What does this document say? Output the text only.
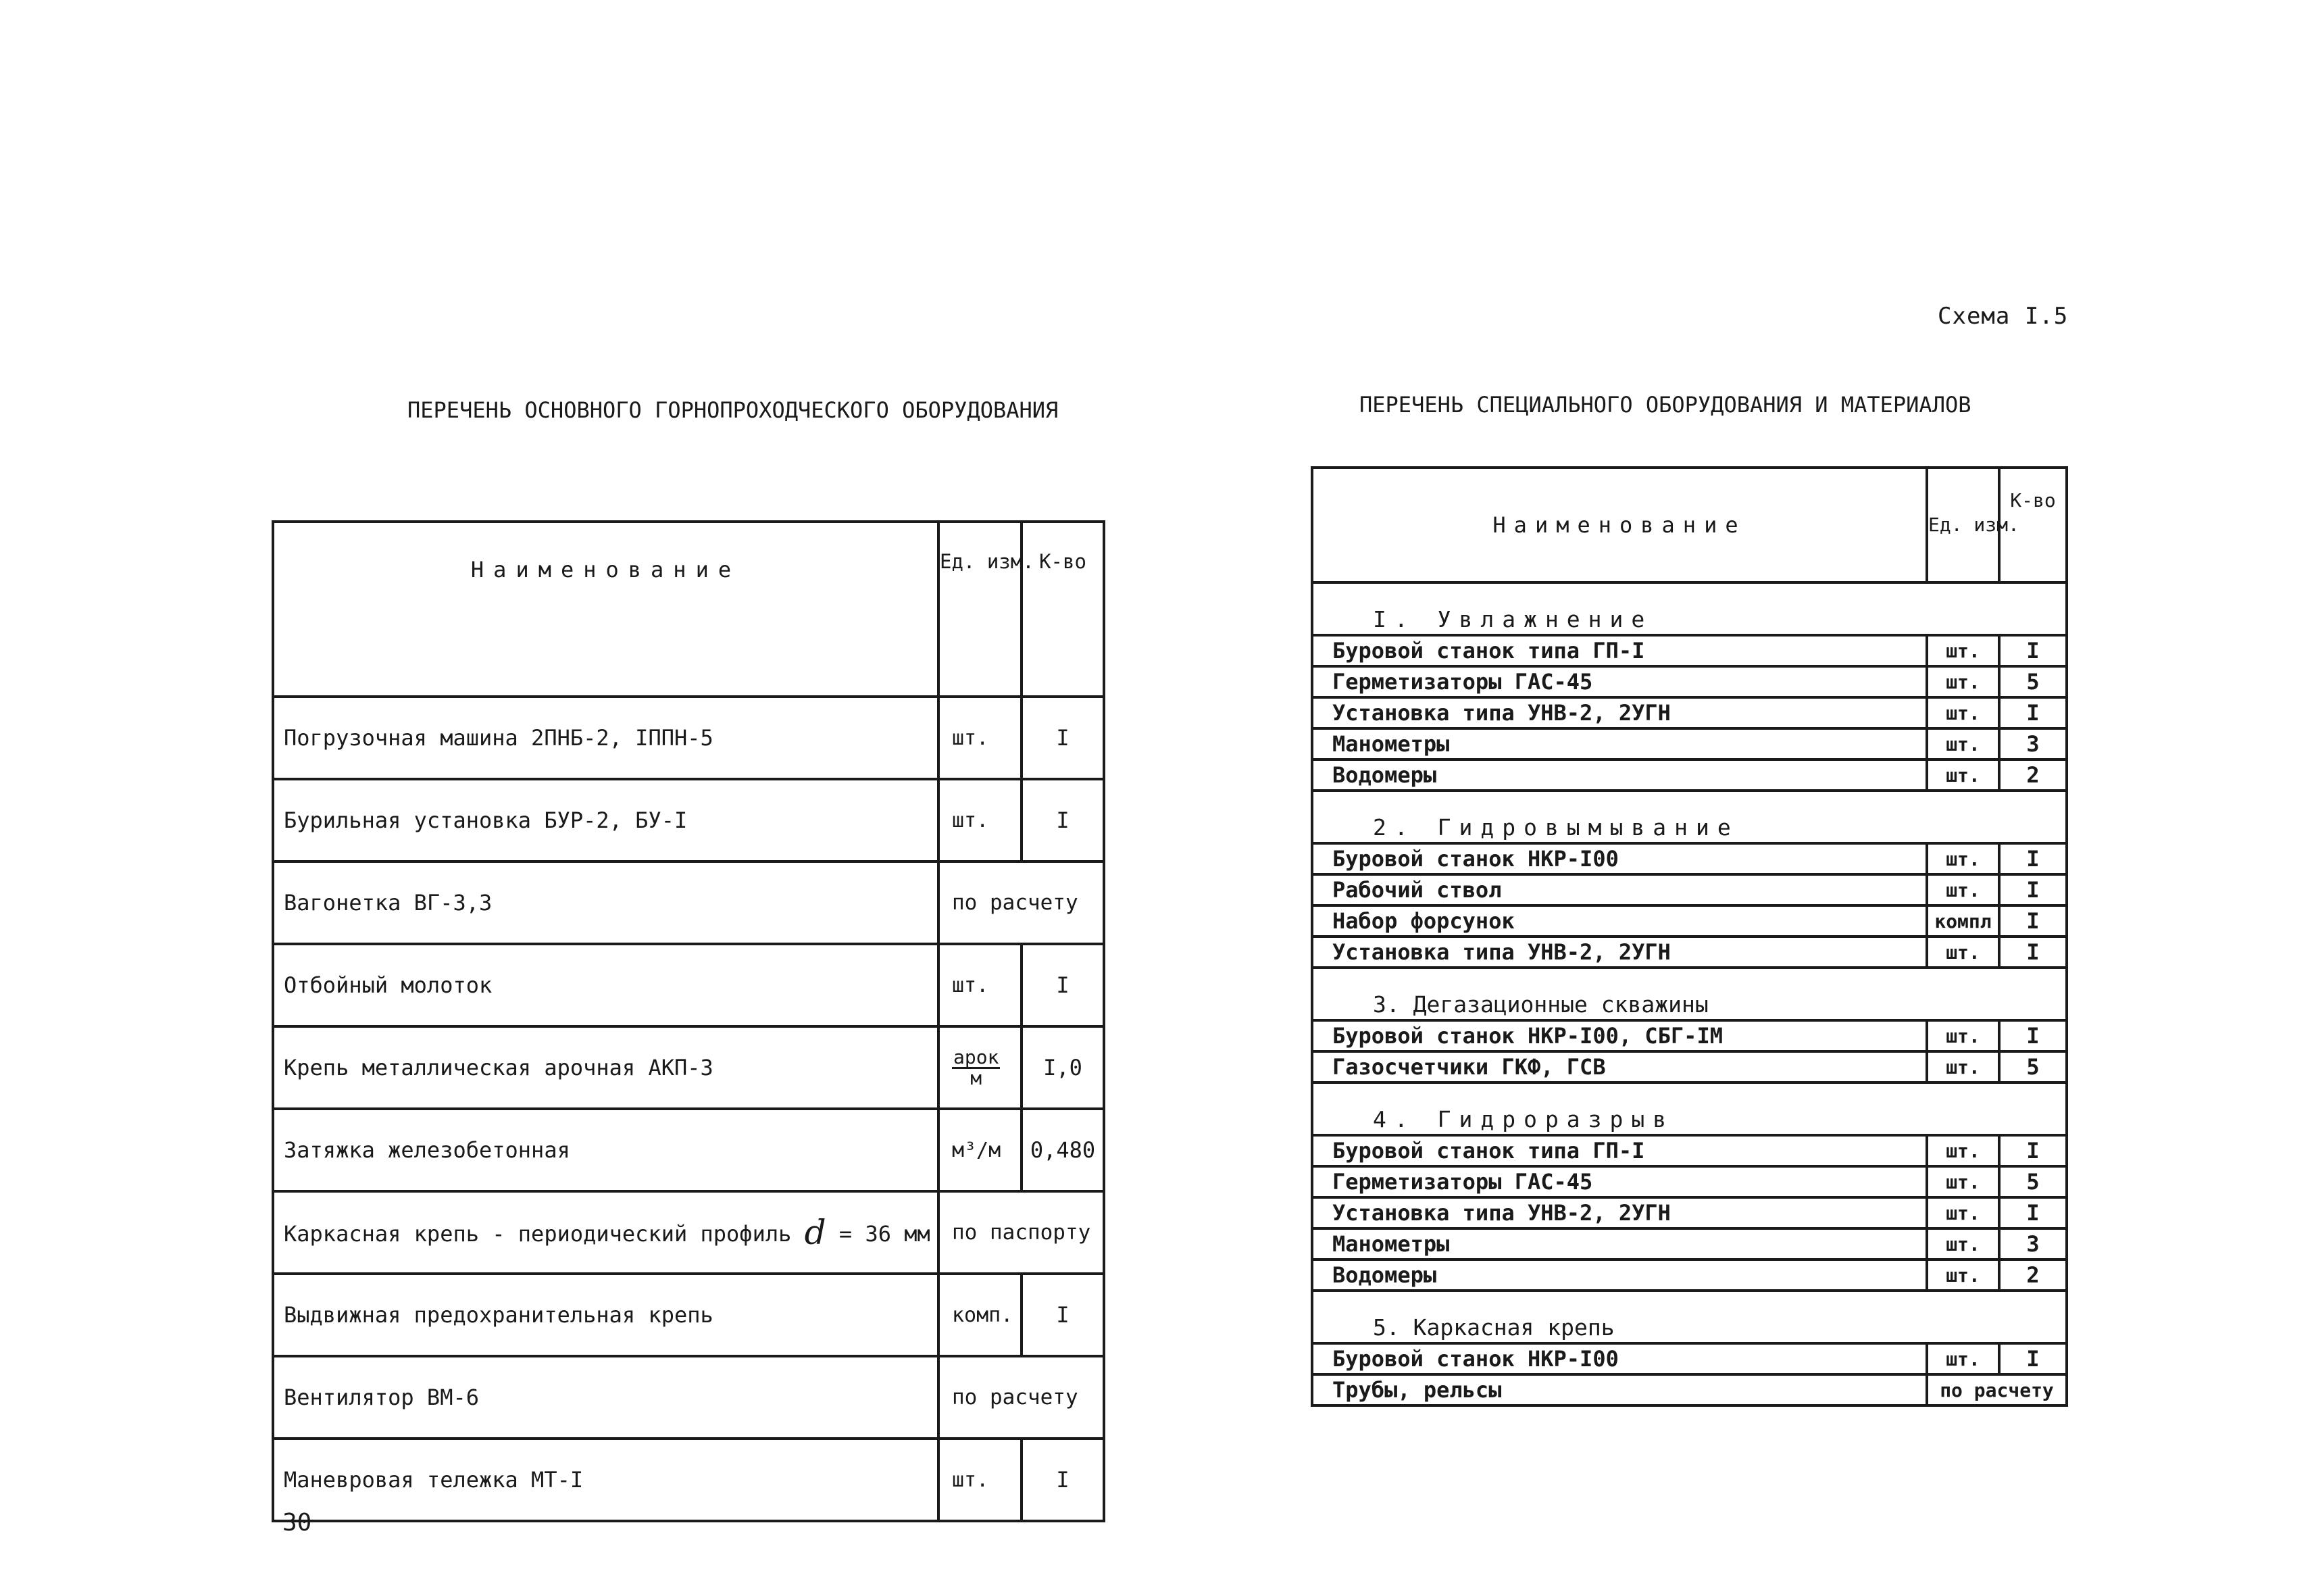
Схема I.5
ПЕРЕЧЕНЬ ОСНОВНОГО ГОРНОПРОХОДЧЕСКОГО ОБОРУДОВАНИЯ	ПЕРЕЧЕНЬ СПЕЦИАЛЬНОГО ОБОРУДОВАНИЯ И МАТЕРИАЛОВ
Наименование	Ед. изм.	К-во
Погрузочная машина 2ПНБ-2, IППН-5	шт.	I
Бурильная установка БУР-2, БУ-I	шт.	I
Вагонетка ВГ-3,3	по расчету	
Отбойный молоток	шт.	I
Крепь металлическая арочная АКП-3	$\frac{\text{арок}}{м}$	I,0
Затяжка железобетонная	м³/м	0,480
Каркасная крепь - периодический профиль d = 36 мм	по паспорту	
Выдвижная предохранительная крепь	комп.	I
Вентилятор ВМ-6	по расчету	
Маневровая тележка МТ-I	шт.	I
Наименование	Ед. изм.	К-во
I. Увлажнение		
Буровой станок типа ГП-I	шт.	I
Герметизаторы ГАС-45	шт.	5
Установка типа УНВ-2, 2УГН	шт.	I
Манометры	шт.	3
Водомеры	шт.	2
2. Гидровымывание		
Буровой станок НКР-I00	шт.	I
Рабочий ствол	шт.	I
Набор форсунок	компл	I
Установка типа УНВ-2, 2УГН	шт.	I
3. Дегазационные скважины		
Буровой станок НКР-I00, СБГ-IМ	шт.	I
Газосчетчики ГКФ, ГСВ	шт.	5
4. Гидроразрыв		
Буровой станок типа ГП-I	шт.	I
Герметизаторы ГАС-45	шт.	5
Установка типа УНВ-2, 2УГН	шт.	I
Манометры	шт.	3
Водомеры	шт.	2
5. Каркасная крепь		
Буровой станок НКР-I00	шт.	I
Трубы, рельсы	по расчету	
30
